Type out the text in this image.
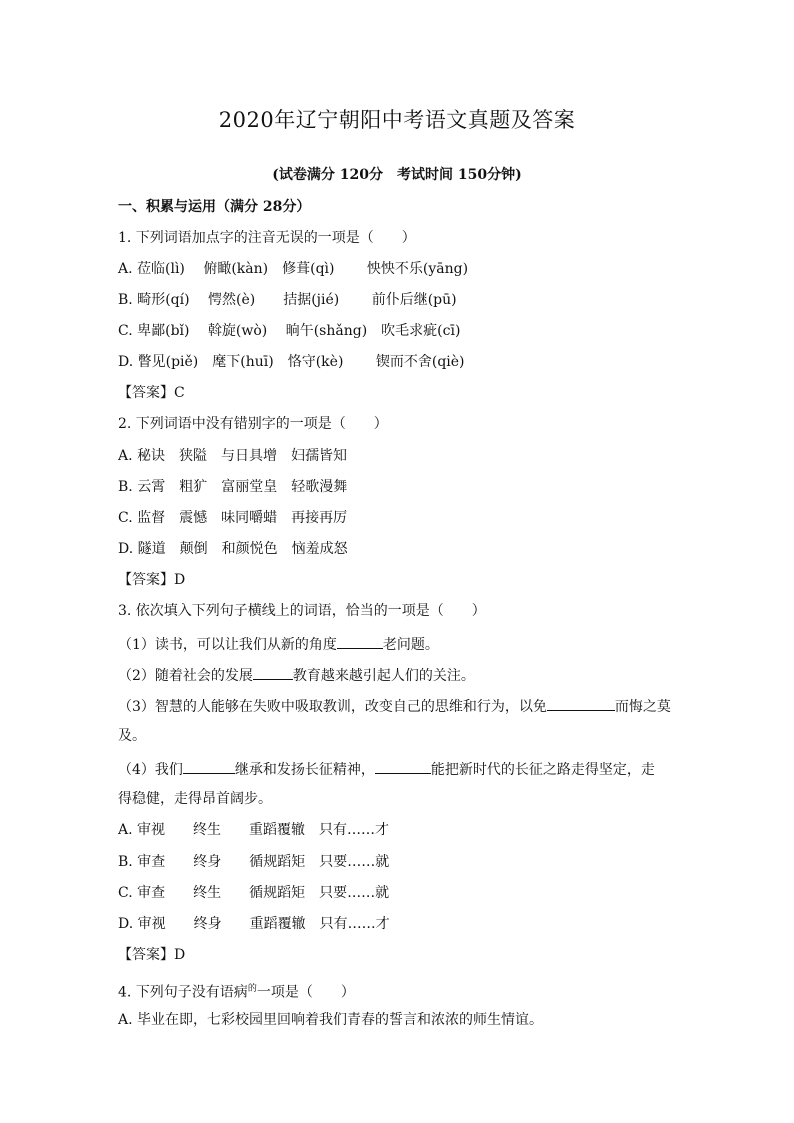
2020年辽宁朝阳中考语文真题及答案
(试卷满分 120分　考试时间 150分钟)
一、积累与运用（满分 28分）
1. 下列词语加点字的注音无误的一项是（　　）
A. 莅临(lì)　 俯瞰(kàn)　修葺(qì)　　 怏怏不乐(yāng)
B. 畸形(qí)　 愕然(è)　　拮据(jié)　　 前仆后继(pū)
C. 卑鄙(bǐ)　 斡旋(wò)　 晌午(shǎng)　吹毛求疵(cī)
D. 瞥见(piě)　麾下(huī)　恪守(kè)　　 锲而不舍(qiè)
【答案】C
2. 下列词语中没有错别字的一项是（　　）
A. 秘诀　狭隘　与日具增　妇孺皆知
B. 云霄　粗犷　富丽堂皇　轻歌漫舞
C. 监督　震憾　味同嚼蜡　再接再厉
D. 隧道　颠倒　和颜悦色　恼羞成怒
【答案】D
3. 依次填入下列句子横线上的词语，恰当的一项是（　　）
（1）读书，可以让我们从新的角度	老问题。
（2）随着社会的发展	教育越来越引起人们的关注。
（3）智慧的人能够在失败中吸取教训，改变自己的思维和行为，以免	而悔之莫
及。
（4）我们	继承和发扬长征精神，	能把新时代的长征之路走得坚定，走
得稳健，走得昂首阔步。
A. 审视　　终生　　重蹈覆辙　只有……才
B. 审查　　终身　　循规蹈矩　只要……就
C. 审查　　终生　　循规蹈矩　只要……就
D. 审视　　终身　　重蹈覆辙　只有……才
【答案】D
4. 下列句子没有语病$^的$一项是（　　）
A. 毕业在即，七彩校园里回响着我们青春的誓言和浓浓的师生情谊。
